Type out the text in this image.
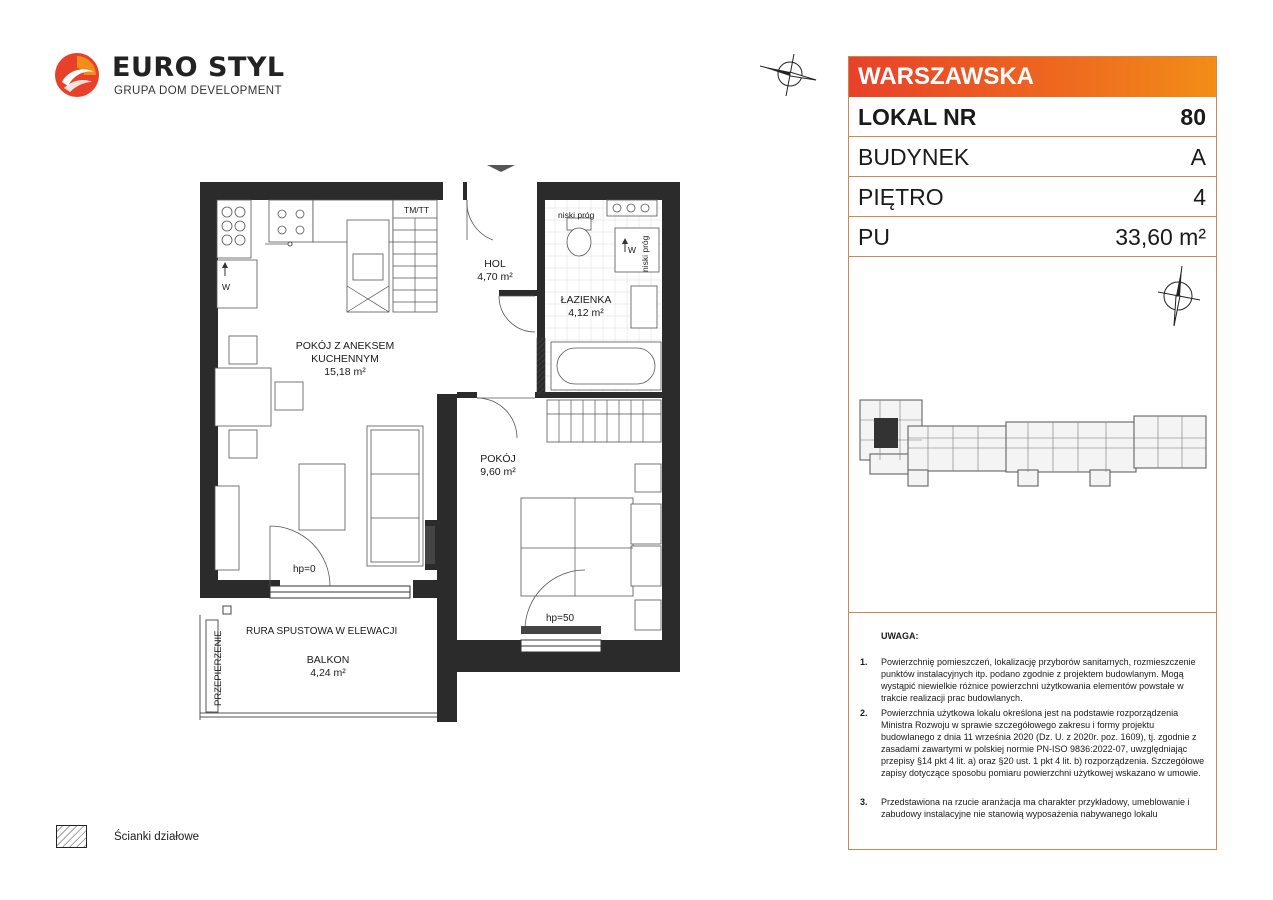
EURO STYL
GRUPA DOM DEVELOPMENT
WARSZAWSKA
LOKAL NR	80
BUDYNEK	A
PIĘTRO	4
PU	33,60 m²
UWAGA:
1. Powierzchnię pomieszczeń, lokalizację przyborów sanitarnych, rozmieszczenie punktów instalacyjnych itp. podano zgodnie z projektem budowlanym. Mogą wystąpić niewielkie różnice powierzchni użytkowania elementów powstałe w trakcie realizacji prac budowlanych.
2. Powierzchnia użytkowa lokalu określona jest na podstawie rozporządzenia Ministra Rozwoju w sprawie szczegółowego zakresu i formy projektu budowlanego z dnia 11 września 2020 (Dz. U. z 2020r. poz. 1609), tj. zgodnie z zasadami zawartymi w polskiej normie PN-ISO 9836:2022-07, uwzględniając przepisy §14 pkt 4 lit. a) oraz §20 ust. 1 pkt 4 lit. b) rozporządzenia. Szczegółowe zapisy dotyczące sposobu pomiaru powierzchni użytkowej wskazano w umowie.
3. Przedstawiona na rzucie aranżacja ma charakter przykładowy, umeblowanie i zabudowy instalacyjne nie stanowią wyposażenia nabywanego lokalu
Ścianki działowe
HOL
4,70 m²
ŁAZIENKA
4,12 m²
POKÓJ Z ANEKSEM
KUCHENNYM
15,18 m²
POKÓJ
9,60 m²
BALKON
4,24 m²
TM/TT	niski próg
niski próg
W
W
hp=0
hp=50
RURA SPUSTOWA W ELEWACJI
PRZEPIERZENIE
